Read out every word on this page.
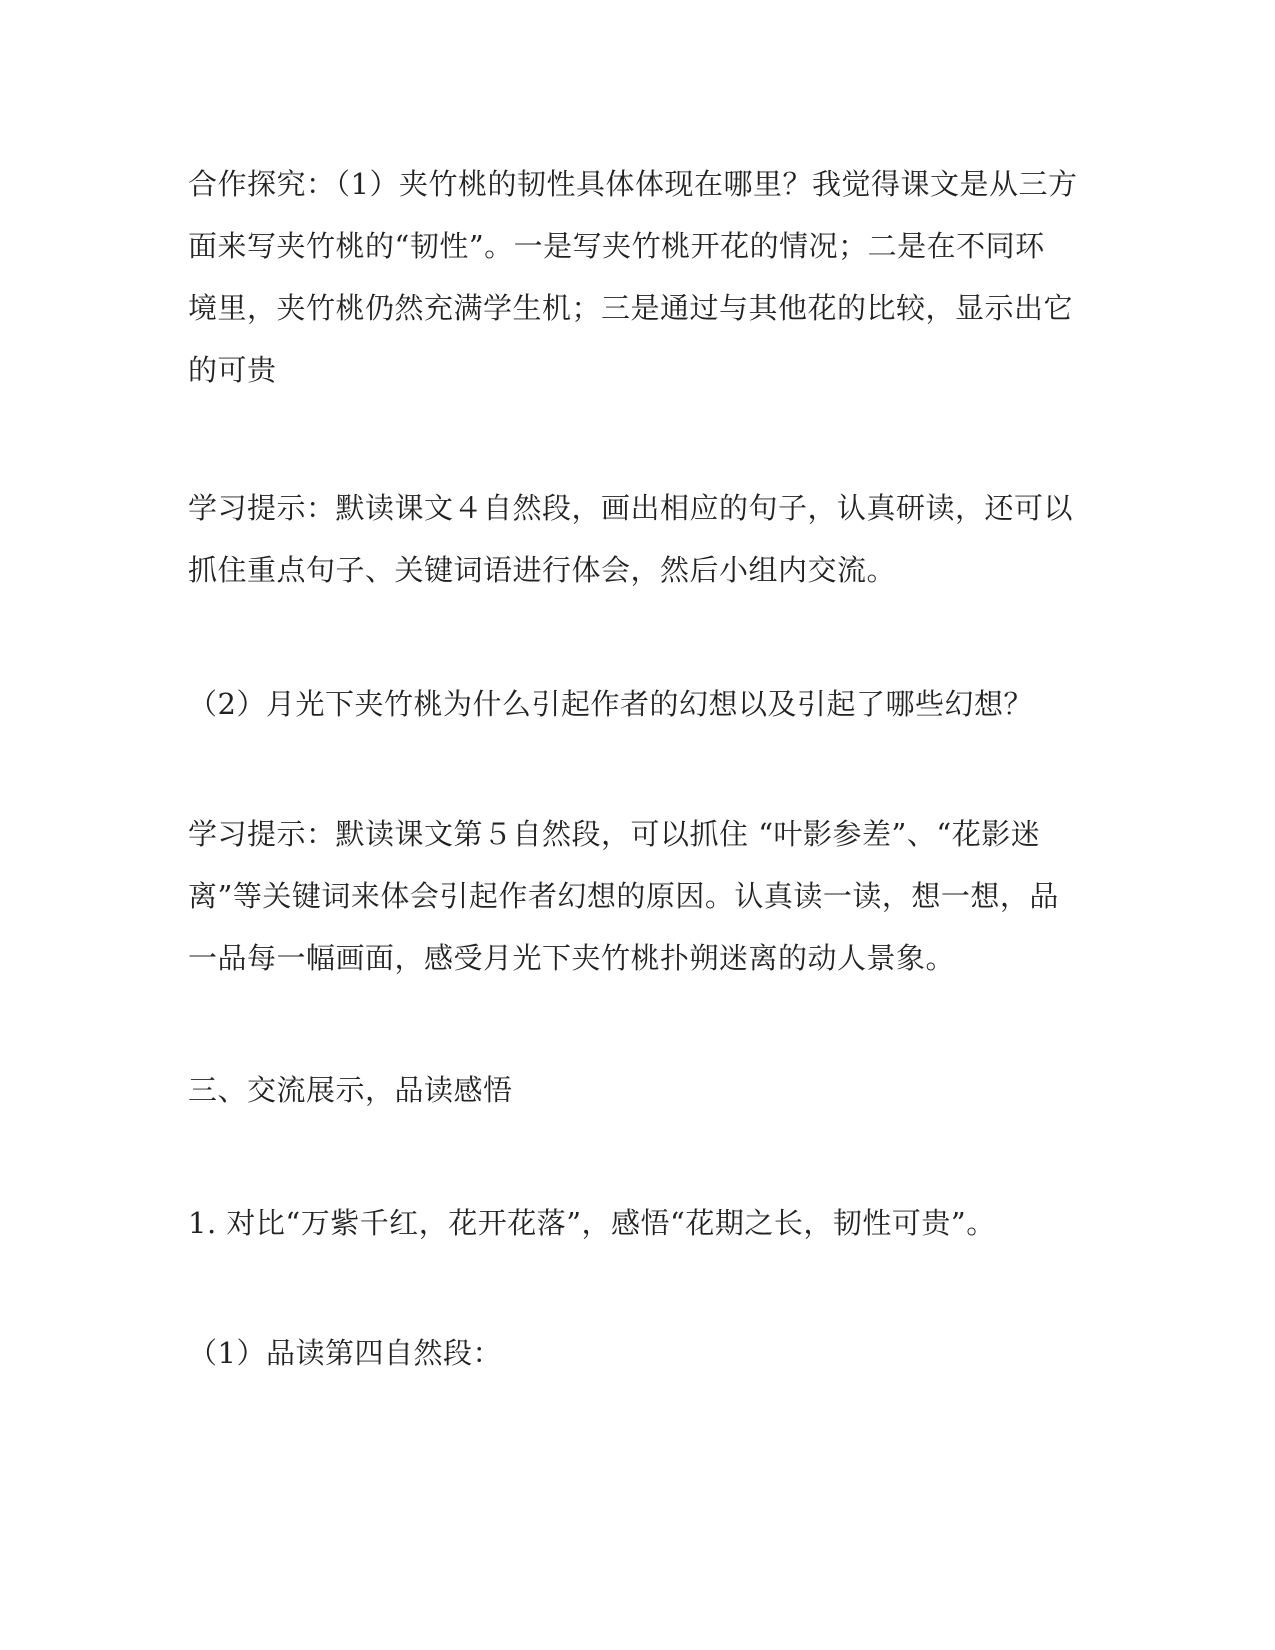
合作探究：（1）夹竹桃的韧性具体体现在哪里？我觉得课文是从三方

面来写夹竹桃的“韧性”。一是写夹竹桃开花的情况；二是在不同环

境里，夹竹桃仍然充满学生机；三是通过与其他花的比较，显示出它

的可贵

学习提示：默读课文４自然段，画出相应的句子，认真研读，还可以

抓住重点句子、关键词语进行体会，然后小组内交流。

（2）月光下夹竹桃为什么引起作者的幻想以及引起了哪些幻想？

学习提示：默读课文第５自然段，可以抓住 “叶影参差”、“花影迷

离”等关键词来体会引起作者幻想的原因。认真读一读，想一想，品

一品每一幅画面，感受月光下夹竹桃扑朔迷离的动人景象。

三、交流展示，品读感悟

1. 对比“万紫千红，花开花落”，感悟“花期之长，韧性可贵”。

（1）品读第四自然段：
